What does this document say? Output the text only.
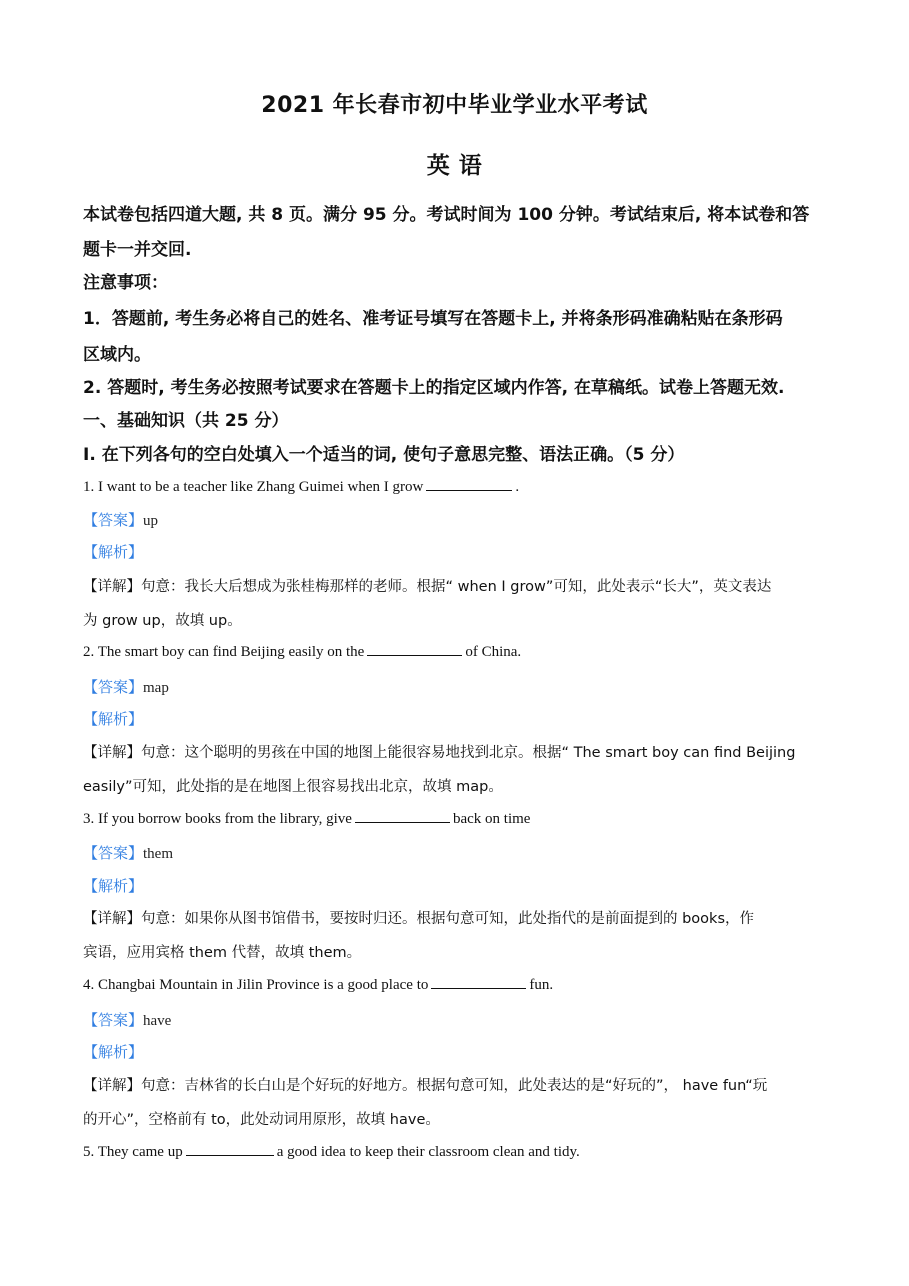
2021 年长春市初中毕业学业水平考试
英 语
本试卷包括四道大题, 共 8 页。满分 95 分。考试时间为 100 分钟。考试结束后, 将本试卷和答
题卡一并交回.
注意事项：
1．答题前, 考生务必将自己的姓名、准考证号填写在答题卡上, 并将条形码准确粘贴在条形码
区域内。
2. 答题时, 考生务必按照考试要求在答题卡上的指定区域内作答, 在草稿纸。试卷上答题无效.
一、基础知识（共 25 分）
I. 在下列各句的空白处填入一个适当的词, 使句子意思完整、语法正确。（5 分）
1. I want to be a teacher like Zhang Guimei when I grow	.
【答案】up
【解析】
【详解】句意：我长大后想成为张桂梅那样的老师。根据“ when I grow”可知，此处表示“长大”，英文表达
为 grow up，故填 up。
2. The smart boy can find Beijing easily on the	of China.
【答案】map
【解析】
【详解】句意：这个聪明的男孩在中国的地图上能很容易地找到北京。根据“ The smart boy can find Beijing
easily”可知，此处指的是在地图上很容易找出北京，故填 map。
3. If you borrow books from the library, give	back on time
【答案】them
【解析】
【详解】句意：如果你从图书馆借书，要按时归还。根据句意可知，此处指代的是前面提到的 books，作
宾语，应用宾格 them 代替，故填 them。
4. Changbai Mountain in Jilin Province is a good place to	fun.
【答案】have
【解析】
【详解】句意：吉林省的长白山是个好玩的好地方。根据句意可知，此处表达的是“好玩的”， have fun“玩
的开心”，空格前有 to，此处动词用原形，故填 have。
5. They came up	a good idea to keep their classroom clean and tidy.
